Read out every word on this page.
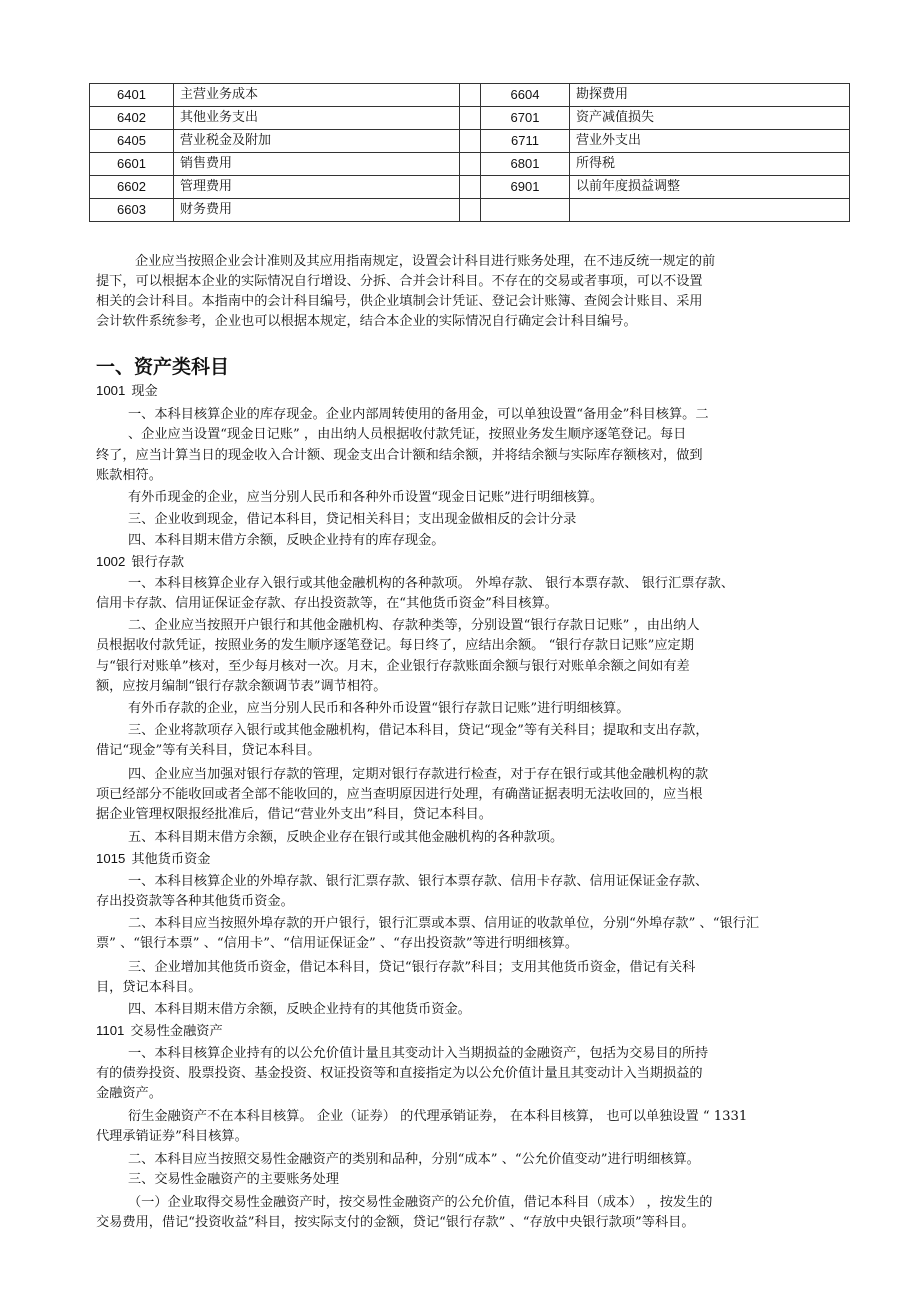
6401	主营业务成本		6604	勘探费用
6402	其他业务支出		6701	资产减值损失
6405	营业税金及附加		6711	营业外支出
6601	销售费用		6801	所得税
6602	管理费用		6901	以前年度损益调整
6603	财务费用			

企业应当按照企业会计准则及其应用指南规定，设置会计科目进行账务处理，在不违反统一规定的前

提下，可以根据本企业的实际情况自行增设、分拆、合并会计科目。不存在的交易或者事项，可以不设置

相关的会计科目。本指南中的会计科目编号，供企业填制会计凭证、登记会计账簿、查阅会计账目、采用

会计软件系统参考，企业也可以根据本规定，结合本企业的实际情况自行确定会计科目编号。

一、资产类科目
1001 现金

一、本科目核算企业的库存现金。企业内部周转使用的备用金，可以单独设置“备用金”科目核算。二

、企业应当设置“现金日记账” ，由出纳人员根据收付款凭证，按照业务发生顺序逐笔登记。每日

终了，应当计算当日的现金收入合计额、现金支出合计额和结余额，并将结余额与实际库存额核对，做到

账款相符。

有外币现金的企业，应当分别人民币和各种外币设置“现金日记账”进行明细核算。

三、企业收到现金，借记本科目，贷记相关科目；支出现金做相反的会计分录

四、本科目期末借方余额，反映企业持有的库存现金。

1002 银行存款

一、本科目核算企业存入银行或其他金融机构的各种款项。 外埠存款、 银行本票存款、 银行汇票存款、

信用卡存款、信用证保证金存款、存出投资款等，在“其他货币资金”科目核算。

二、企业应当按照开户银行和其他金融机构、存款种类等，分别设置“银行存款日记账” ，由出纳人

员根据收付款凭证，按照业务的发生顺序逐笔登记。每日终了，应结出余额。 “银行存款日记账”应定期

与“银行对账单”核对，至少每月核对一次。月末，企业银行存款账面余额与银行对账单余额之间如有差

额，应按月编制“银行存款余额调节表”调节相符。

有外币存款的企业，应当分别人民币和各种外币设置“银行存款日记账”进行明细核算。

三、企业将款项存入银行或其他金融机构，借记本科目，贷记“现金”等有关科目；提取和支出存款，

借记“现金”等有关科目，贷记本科目。

四、企业应当加强对银行存款的管理，定期对银行存款进行检查，对于存在银行或其他金融机构的款

项已经部分不能收回或者全部不能收回的，应当查明原因进行处理，有确凿证据表明无法收回的，应当根

据企业管理权限报经批准后，借记“营业外支出”科目，贷记本科目。

五、本科目期末借方余额，反映企业存在银行或其他金融机构的各种款项。

1015 其他货币资金

一、本科目核算企业的外埠存款、银行汇票存款、银行本票存款、信用卡存款、信用证保证金存款、

存出投资款等各种其他货币资金。

二、本科目应当按照外埠存款的开户银行，银行汇票或本票、信用证的收款单位，分别“外埠存款” 、“银行汇

票” 、“银行本票” 、“信用卡”、“信用证保证金” 、“存出投资款”等进行明细核算。

三、企业增加其他货币资金，借记本科目，贷记“银行存款”科目；支用其他货币资金，借记有关科

目，贷记本科目。

四、本科目期末借方余额，反映企业持有的其他货币资金。

1101 交易性金融资产

一、本科目核算企业持有的以公允价值计量且其变动计入当期损益的金融资产，包括为交易目的所持

有的债券投资、股票投资、基金投资、权证投资等和直接指定为以公允价值计量且其变动计入当期损益的

金融资产。

衍生金融资产不在本科目核算。 企业（证券） 的代理承销证券， 在本科目核算， 也可以单独设置 “ 1331

代理承销证券”科目核算。

二、本科目应当按照交易性金融资产的类别和品种，分别“成本” 、“公允价值变动”进行明细核算。

三、交易性金融资产的主要账务处理

（一）企业取得交易性金融资产时，按交易性金融资产的公允价值，借记本科目（成本） ，按发生的

交易费用，借记“投资收益”科目，按实际支付的金额，贷记“银行存款” 、“存放中央银行款项”等科目。
